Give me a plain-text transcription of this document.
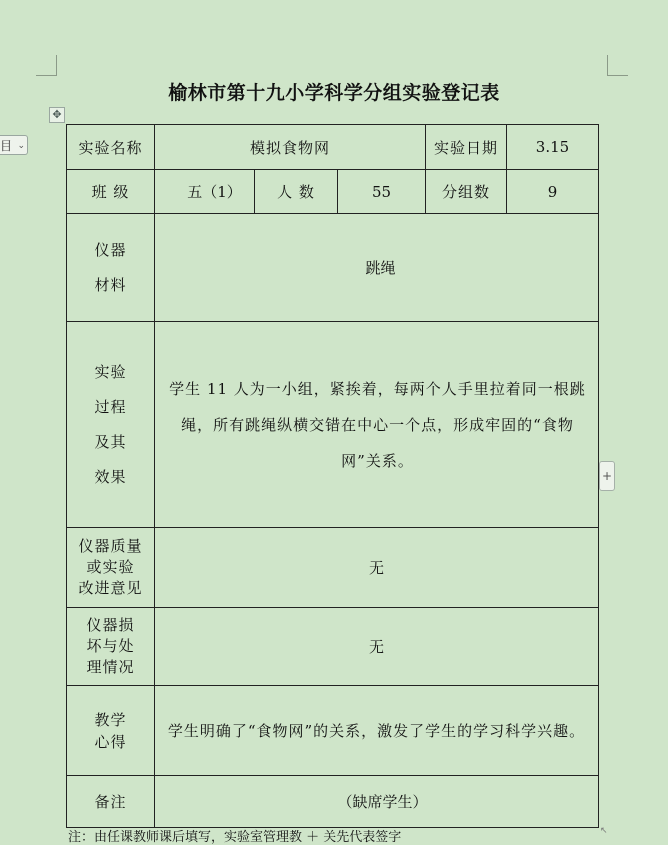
目 ⌄
榆林市第十九小学科学分组实验登记表
✥
实验名称	模拟食物网			实验日期	3.15
班 级	五（1）	人 数	55	分组数	9

仪器
材料	跳绳				

实验
过程
及其
效果	学生 11 人为一小组，紧挨着，每两个人手里拉着同一根跳绳，所有跳绳纵横交错在中心一个点，形成牢固的“食物网”关系。				

仪器质量
或实验
改进意见	无				

仪器损
坏与处
理情况	无				

教学
心得	学生明确了“食物网”的关系，激发了学生的学习科学兴趣。				
备注	（缺席学生）				
+
注：由任课教师课后填写，实验室管理教 ＋ 关先代表签字	↖
